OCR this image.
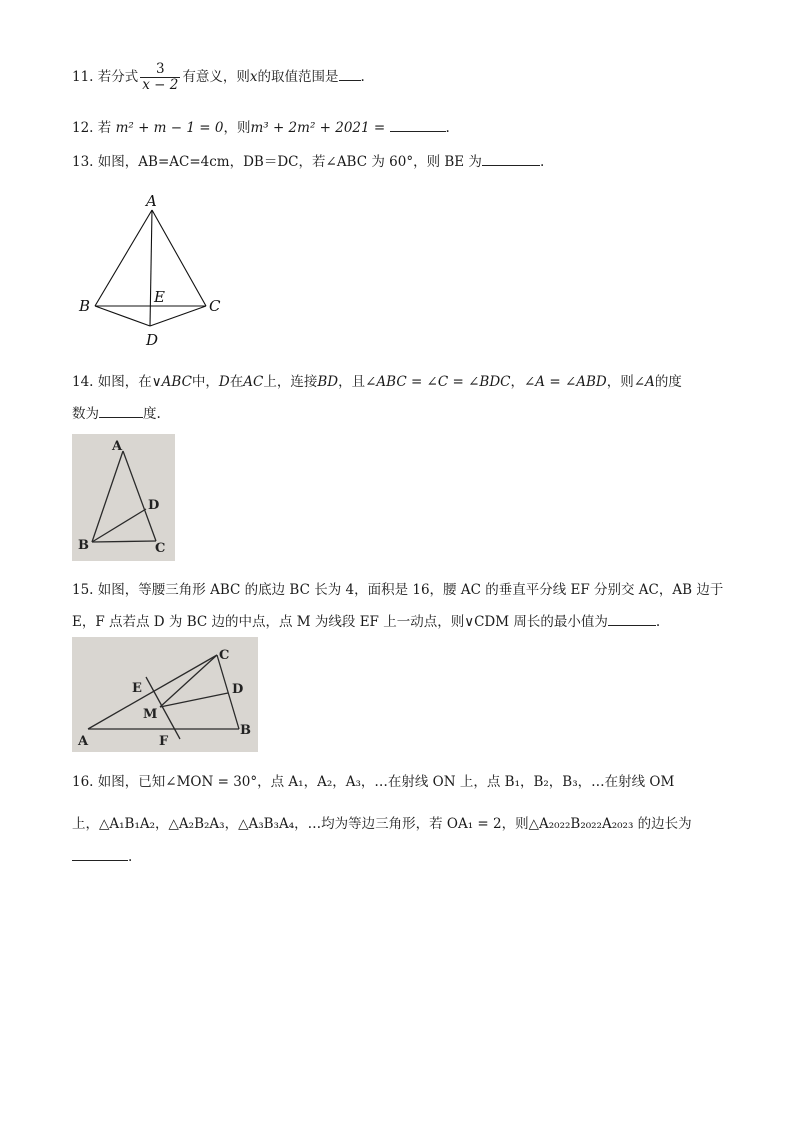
11. 若分式 $\frac{3}{x - 2}$ 有意义，则x的取值范围是 .
12. 若 m² + m − 1 = 0，则m³ + 2m² + 2021 =	.
13. 如图，AB=AC=4cm，DB＝DC，若∠ABC 为 60°，则 BE 为	.
A
B	C
E
D
14. 如图，在∨ABC中，D在AC上，连接BD，且∠ABC = ∠C = ∠BDC，∠A = ∠ABD，则∠A的度
数为	度.
A
D
B	C
15. 如图，等腰三角形 ABC 的底边 BC 长为 4，面积是 16，腰 AC 的垂直平分线 EF 分别交 AC，AB 边于
E，F 点若点 D 为 BC 边的中点，点 M 为线段 EF 上一动点，则∨CDM 周长的最小值为	.
C
E	D
M
A	F
B
16. 如图，已知∠MON = 30°，点 A₁，A₂，A₃，…在射线 ON 上，点 B₁，B₂，B₃，…在射线 OM
上，△A₁B₁A₂，△A₂B₂A₃，△A₃B₃A₄，…均为等边三角形，若 OA₁ = 2，则△A₂₀₂₂B₂₀₂₂A₂₀₂₃ 的边长为
.
